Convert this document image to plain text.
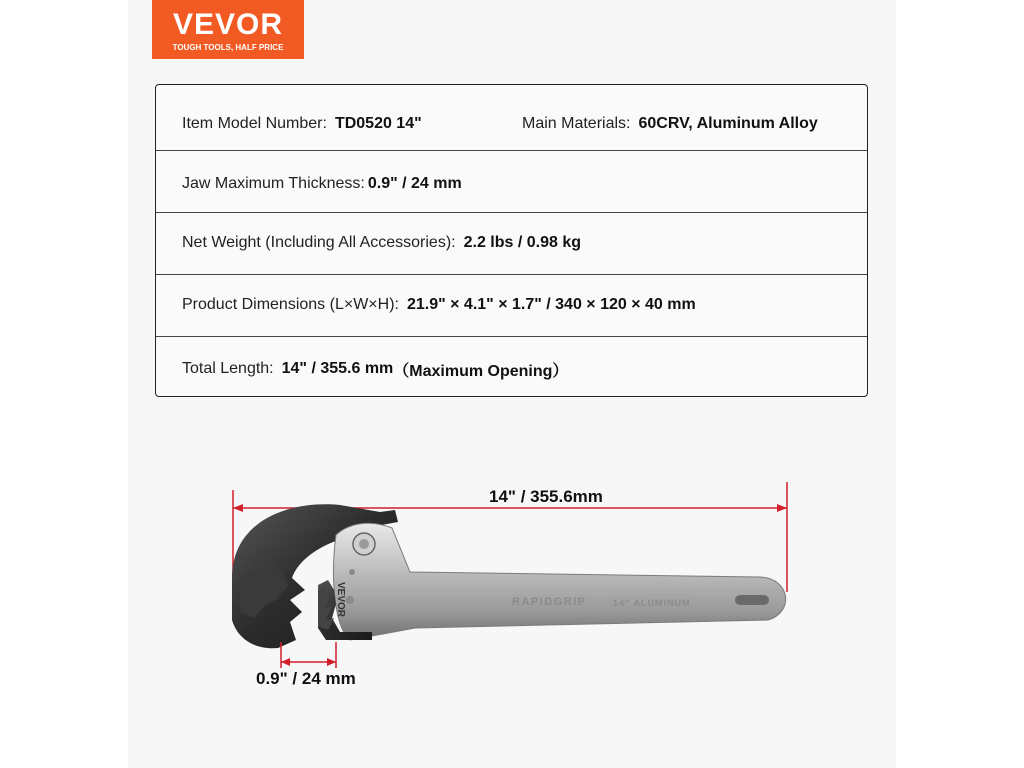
VEVOR
TOUGH TOOLS, HALF PRICE
Item Model Number: TD0520 14"	Main Materials: 60CRV, Aluminum Alloy
Jaw Maximum Thickness: 0.9" / 24 mm
Net Weight (Including All Accessories): 2.2 lbs / 0.98 kg
Product Dimensions (L×W×H): 21.9" × 4.1" × 1.7" / 340 × 120 × 40 mm
Total Length: 14" / 355.6 mm （Maximum Opening）
RAPIDGRIP	14" ALUMINUM
VEVOR
14" / 355.6mm
0.9" / 24 mm
